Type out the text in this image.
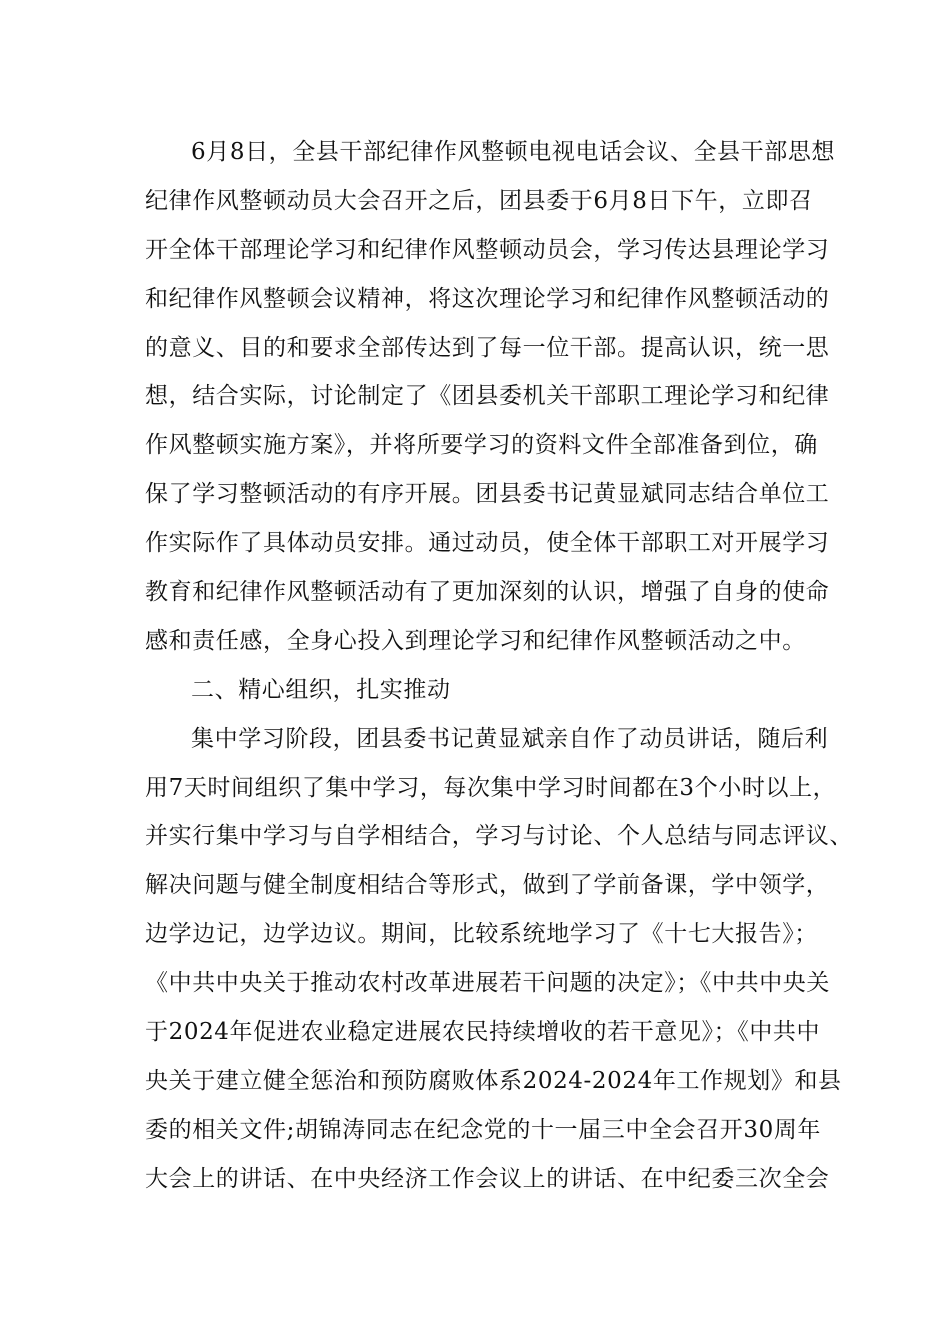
6月8日，全县干部纪律作风整顿电视电话会议、全县干部思想
纪律作风整顿动员大会召开之后，团县委于6月8日下午，立即召
开全体干部理论学习和纪律作风整顿动员会，学习传达县理论学习
和纪律作风整顿会议精神，将这次理论学习和纪律作风整顿活动的
的意义、目的和要求全部传达到了每一位干部。提高认识，统一思
想，结合实际，讨论制定了《团县委机关干部职工理论学习和纪律
作风整顿实施方案》，并将所要学习的资料文件全部准备到位，确
保了学习整顿活动的有序开展。团县委书记黄显斌同志结合单位工
作实际作了具体动员安排。通过动员，使全体干部职工对开展学习
教育和纪律作风整顿活动有了更加深刻的认识，增强了自身的使命
感和责任感，全身心投入到理论学习和纪律作风整顿活动之中。
二、精心组织，扎实推动
集中学习阶段，团县委书记黄显斌亲自作了动员讲话，随后利
用7天时间组织了集中学习，每次集中学习时间都在3个小时以上，
并实行集中学习与自学相结合，学习与讨论、个人总结与同志评议、
解决问题与健全制度相结合等形式，做到了学前备课，学中领学，
边学边记，边学边议。期间，比较系统地学习了《十七大报告》；
《中共中央关于推动农村改革进展若干问题的决定》；《中共中央关
于2024年促进农业稳定进展农民持续增收的若干意见》；《中共中
央关于建立健全惩治和预防腐败体系2024-2024年工作规划》和县
委的相关文件;胡锦涛同志在纪念党的十一届三中全会召开30周年
大会上的讲话、在中央经济工作会议上的讲话、在中纪委三次全会
